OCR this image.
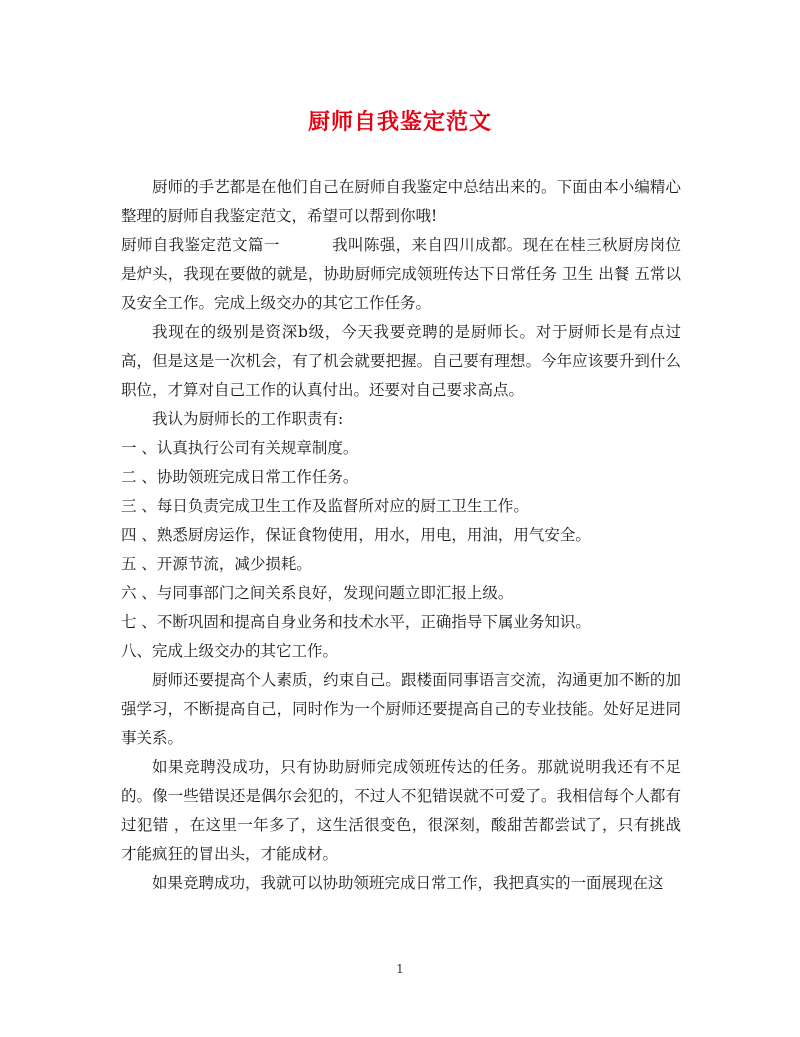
厨师自我鉴定范文

厨师的手艺都是在他们自己在厨师自我鉴定中总结出来的。下面由本小编精心整理的厨师自我鉴定范文，希望可以帮到你哦!

厨师自我鉴定范文篇一	我叫陈强，来自四川成都。现在在桂三秋厨房岗位是炉头，我现在要做的就是，协助厨师完成领班传达下日常任务 卫生 出餐 五常以及安全工作。完成上级交办的其它工作任务。

我现在的级别是资深b级，今天我要竞聘的是厨师长。对于厨师长是有点过高，但是这是一次机会，有了机会就要把握。自己要有理想。今年应该要升到什么职位，才算对自己工作的认真付出。还要对自己要求高点。

我认为厨师长的工作职责有:

一 、认真执行公司有关规章制度。

二 、协助领班完成日常工作任务。

三 、每日负责完成卫生工作及监督所对应的厨工卫生工作。

四 、熟悉厨房运作，保证食物使用，用水，用电，用油，用气安全。

五 、开源节流，减少损耗。

六 、与同事部门之间关系良好，发现问题立即汇报上级。

七 、不断巩固和提高自身业务和技术水平，正确指导下属业务知识。

八、完成上级交办的其它工作。

厨师还要提高个人素质，约束自己。跟楼面同事语言交流，沟通更加不断的加强学习，不断提高自己，同时作为一个厨师还要提高自己的专业技能。处好足进同事关系。

如果竞聘没成功，只有协助厨师完成领班传达的任务。那就说明我还有不足的。像一些错误还是偶尔会犯的，不过人不犯错误就不可爱了。我相信每个人都有过犯错 ，在这里一年多了，这生活很变色，很深刻，酸甜苦都尝试了，只有挑战才能疯狂的冒出头，才能成材。

如果竞聘成功，我就可以协助领班完成日常工作，我把真实的一面展现在这

1
